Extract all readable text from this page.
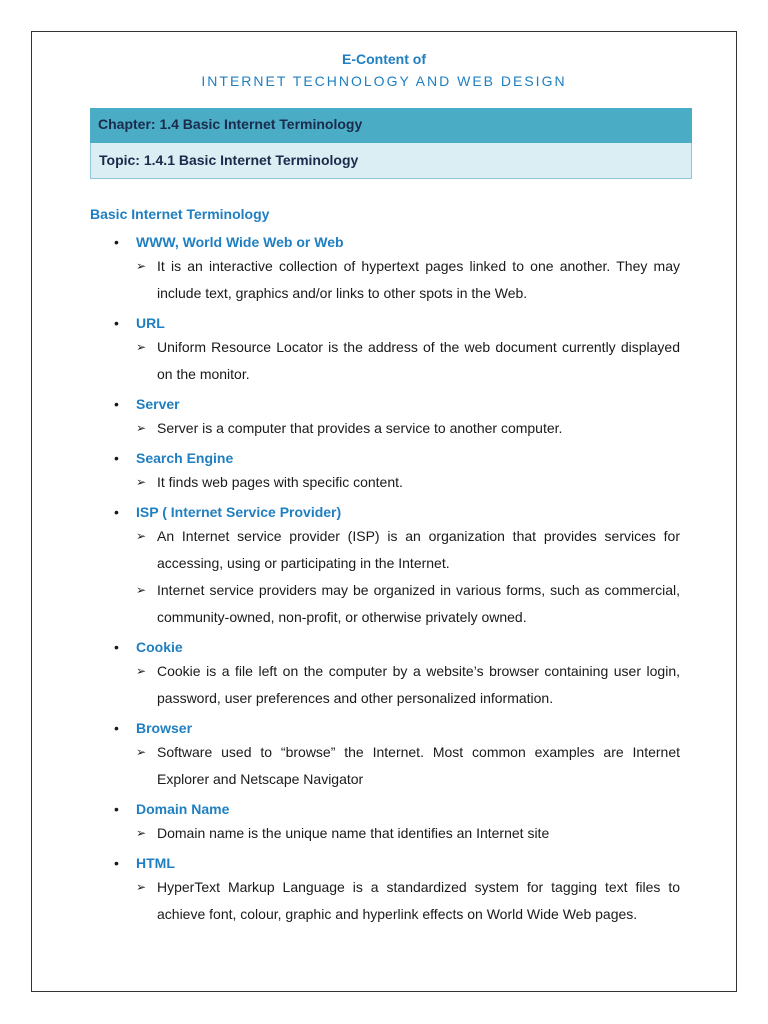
E-Content of
INTERNET TECHNOLOGY AND WEB DESIGN
Chapter: 1.4 Basic Internet Terminology
Topic: 1.4.1 Basic Internet Terminology
Basic Internet Terminology
• WWW, World Wide Web or Web
➢ It is an interactive collection of hypertext pages linked to one another. They may include text, graphics and/or links to other spots in the Web.
• URL
➢ Uniform Resource Locator is the address of the web document currently displayed on the monitor.
• Server
➢ Server is a computer that provides a service to another computer.
• Search Engine
➢ It finds web pages with specific content.
• ISP ( Internet Service Provider)
➢ An Internet service provider (ISP) is an organization that provides services for accessing, using or participating in the Internet.
➢ Internet service providers may be organized in various forms, such as commercial, community-owned, non-profit, or otherwise privately owned.
• Cookie
➢ Cookie is a file left on the computer by a website’s browser containing user login, password, user preferences and other personalized information.
• Browser
➢ Software used to “browse” the Internet. Most common examples are Internet Explorer and Netscape Navigator
• Domain Name
➢ Domain name is the unique name that identifies an Internet site
• HTML
➢ HyperText Markup Language is a standardized system for tagging text files to achieve font, colour, graphic and hyperlink effects on World Wide Web pages.
